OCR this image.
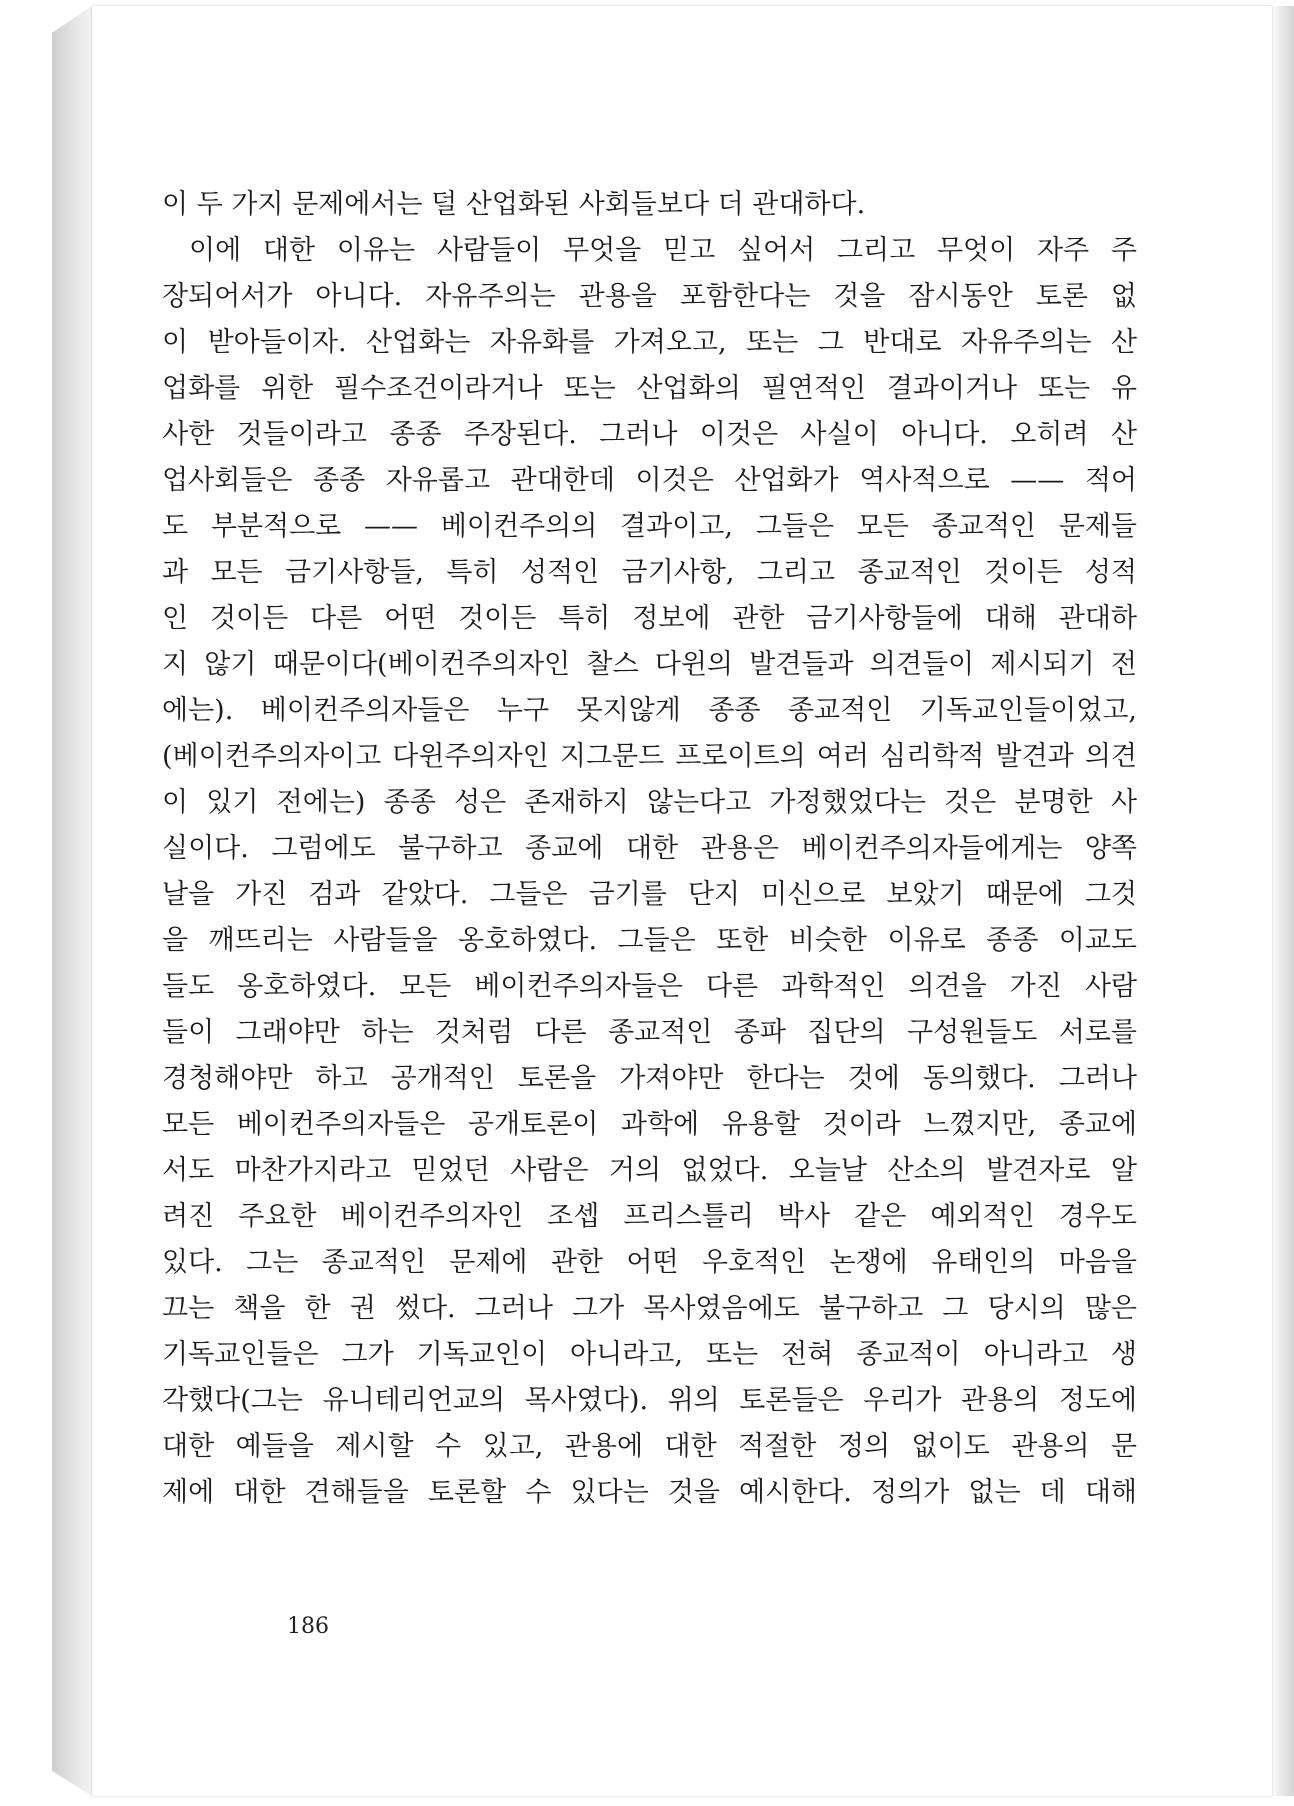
이 두 가지 문제에서는 덜 산업화된 사회들보다 더 관대하다.
이에 대한 이유는 사람들이 무엇을 믿고 싶어서 그리고 무엇이 자주 주
장되어서가 아니다. 자유주의는 관용을 포함한다는 것을 잠시동안 토론 없
이 받아들이자. 산업화는 자유화를 가져오고, 또는 그 반대로 자유주의는 산
업화를 위한 필수조건이라거나 또는 산업화의 필연적인 결과이거나 또는 유
사한 것들이라고 종종 주장된다. 그러나 이것은 사실이 아니다. 오히려 산
업사회들은 종종 자유롭고 관대한데 이것은 산업화가 역사적으로 —— 적어
도 부분적으로 —— 베이컨주의의 결과이고, 그들은 모든 종교적인 문제들
과 모든 금기사항들, 특히 성적인 금기사항, 그리고 종교적인 것이든 성적
인 것이든 다른 어떤 것이든 특히 정보에 관한 금기사항들에 대해 관대하
지 않기 때문이다(베이컨주의자인 찰스 다윈의 발견들과 의견들이 제시되기 전
에는). 베이컨주의자들은 누구 못지않게 종종 종교적인 기독교인들이었고,
(베이컨주의자이고 다윈주의자인 지그문드 프로이트의 여러 심리학적 발견과 의견
이 있기 전에는) 종종 성은 존재하지 않는다고 가정했었다는 것은 분명한 사
실이다. 그럼에도 불구하고 종교에 대한 관용은 베이컨주의자들에게는 양쪽
날을 가진 검과 같았다. 그들은 금기를 단지 미신으로 보았기 때문에 그것
을 깨뜨리는 사람들을 옹호하였다. 그들은 또한 비슷한 이유로 종종 이교도
들도 옹호하였다. 모든 베이컨주의자들은 다른 과학적인 의견을 가진 사람
들이 그래야만 하는 것처럼 다른 종교적인 종파 집단의 구성원들도 서로를
경청해야만 하고 공개적인 토론을 가져야만 한다는 것에 동의했다. 그러나
모든 베이컨주의자들은 공개토론이 과학에 유용할 것이라 느꼈지만, 종교에
서도 마찬가지라고 믿었던 사람은 거의 없었다. 오늘날 산소의 발견자로 알
려진 주요한 베이컨주의자인 조셉 프리스틀리 박사 같은 예외적인 경우도
있다. 그는 종교적인 문제에 관한 어떤 우호적인 논쟁에 유태인의 마음을
끄는 책을 한 권 썼다. 그러나 그가 목사였음에도 불구하고 그 당시의 많은
기독교인들은 그가 기독교인이 아니라고, 또는 전혀 종교적이 아니라고 생
각했다(그는 유니테리언교의 목사였다). 위의 토론들은 우리가 관용의 정도에
대한 예들을 제시할 수 있고, 관용에 대한 적절한 정의 없이도 관용의 문
제에 대한 견해들을 토론할 수 있다는 것을 예시한다. 정의가 없는 데 대해
186
